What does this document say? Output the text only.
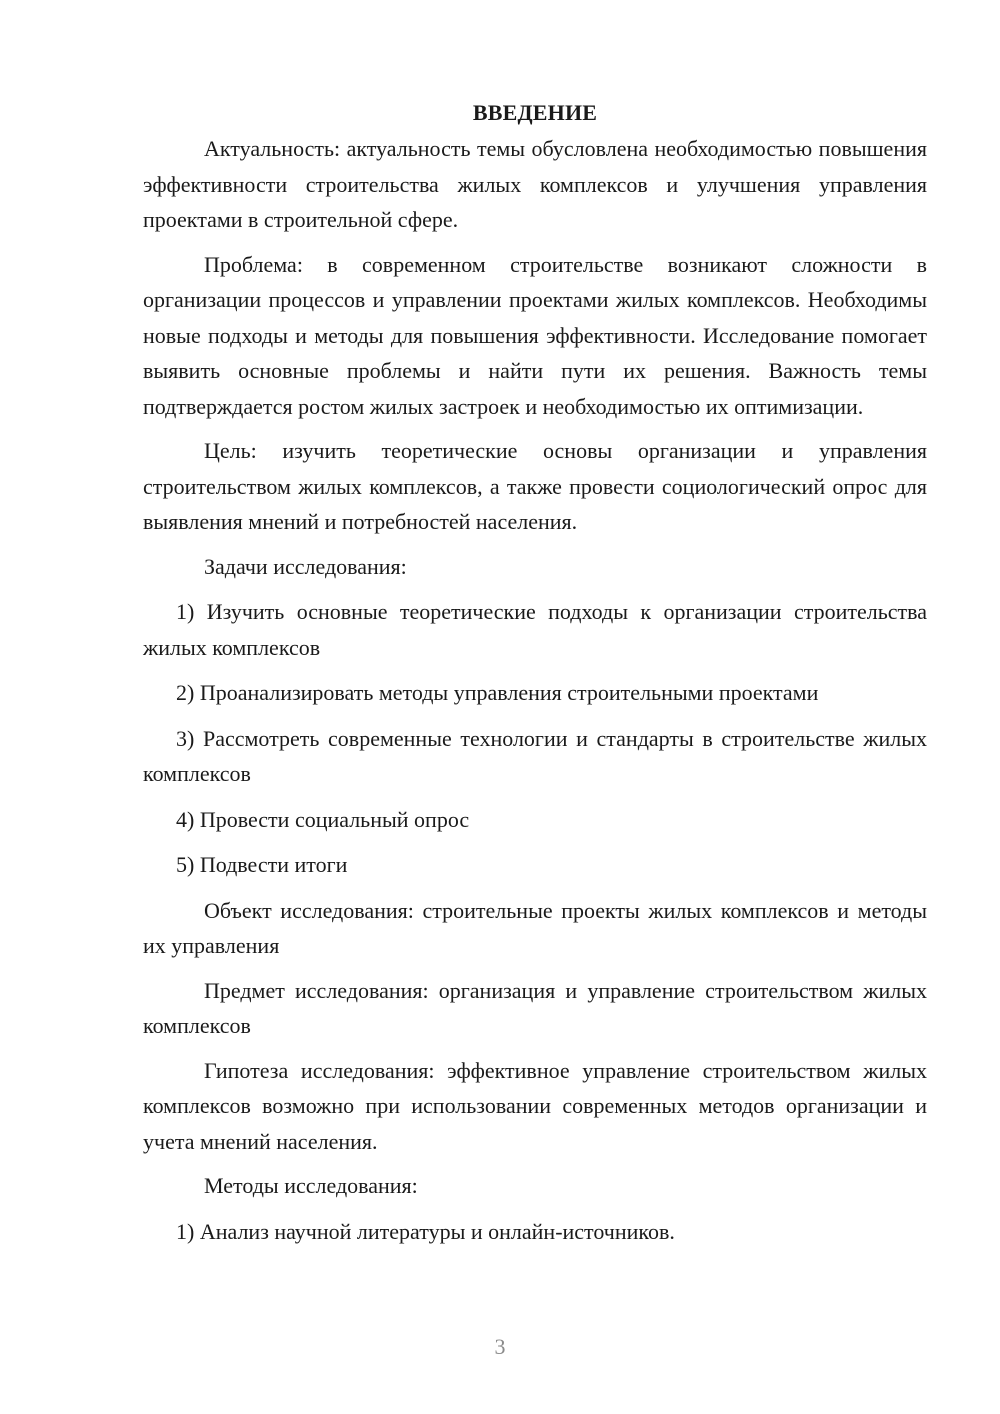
ВВЕДЕНИЕ

Актуальность: актуальность темы обусловлена необходимостью повышения эффективности строительства жилых комплексов и улучшения управления проектами в строительной сфере.

Проблема: в современном строительстве возникают сложности в организации процессов и управлении проектами жилых комплексов. Необходимы новые подходы и методы для повышения эффективности. Исследование помогает выявить основные проблемы и найти пути их решения. Важность темы подтверждается ростом жилых застроек и необходимостью их оптимизации.

Цель: изучить теоретические основы организации и управления строительством жилых комплексов, а также провести социологический опрос для выявления мнений и потребностей населения.

Задачи исследования:

1) Изучить основные теоретические подходы к организации строительства жилых комплексов

2) Проанализировать методы управления строительными проектами

3) Рассмотреть современные технологии и стандарты в строительстве жилых комплексов

4) Провести социальный опрос

5) Подвести итоги

Объект исследования: строительные проекты жилых комплексов и методы их управления

Предмет исследования: организация и управление строительством жилых комплексов

Гипотеза исследования: эффективное управление строительством жилых комплексов возможно при использовании современных методов организации и учета мнений населения.

Методы исследования:

1) Анализ научной литературы и онлайн-источников.

3
